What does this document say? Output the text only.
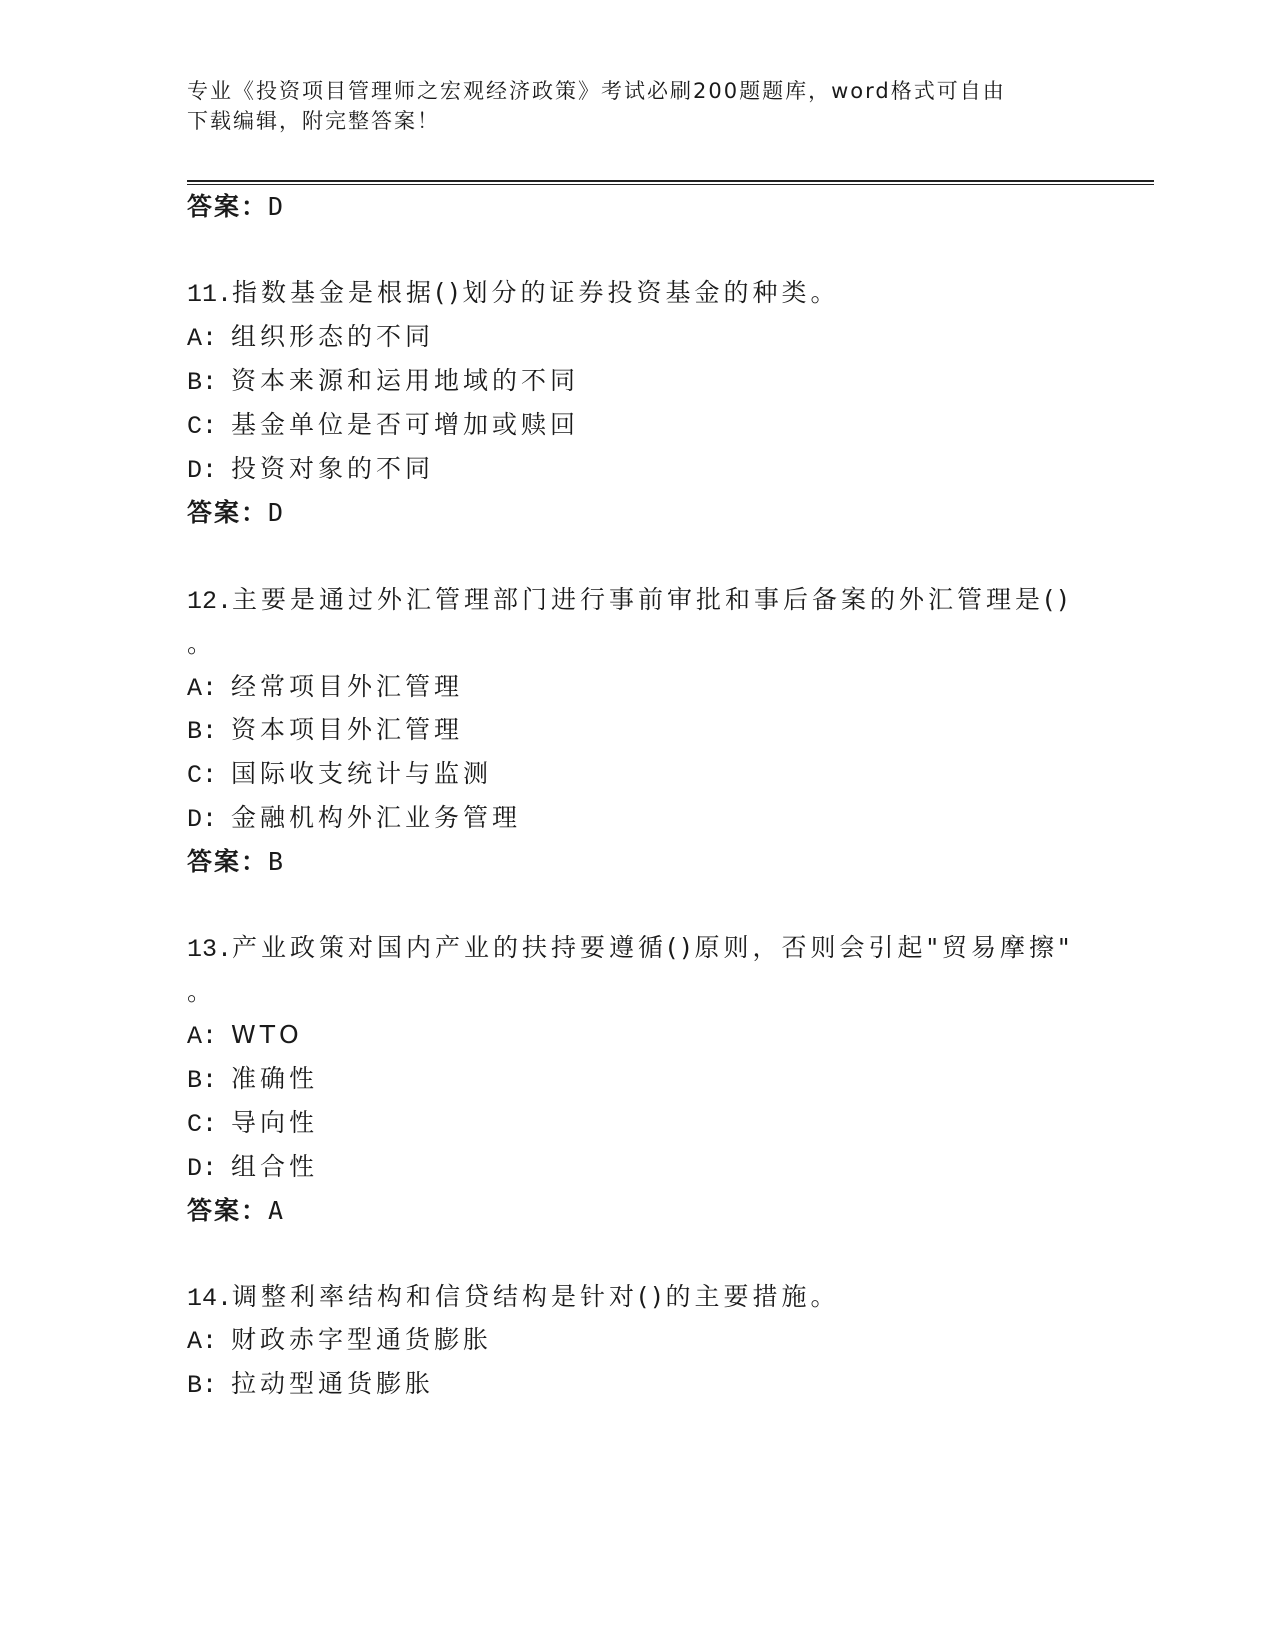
专业《投资项目管理师之宏观经济政策》考试必刷200题题库，word格式可自由
下载编辑，附完整答案！
答案：D
11.指数基金是根据()划分的证券投资基金的种类。
A: 组织形态的不同
B: 资本来源和运用地域的不同
C: 基金单位是否可增加或赎回
D: 投资对象的不同
答案：D
12.主要是通过外汇管理部门进行事前审批和事后备案的外汇管理是()
。
A: 经常项目外汇管理
B: 资本项目外汇管理
C: 国际收支统计与监测
D: 金融机构外汇业务管理
答案：B
13.产业政策对国内产业的扶持要遵循()原则，否则会引起"贸易摩擦"
。
A: WTO
B: 准确性
C: 导向性
D: 组合性
答案：A
14.调整利率结构和信贷结构是针对()的主要措施。
A: 财政赤字型通货膨胀
B: 拉动型通货膨胀
